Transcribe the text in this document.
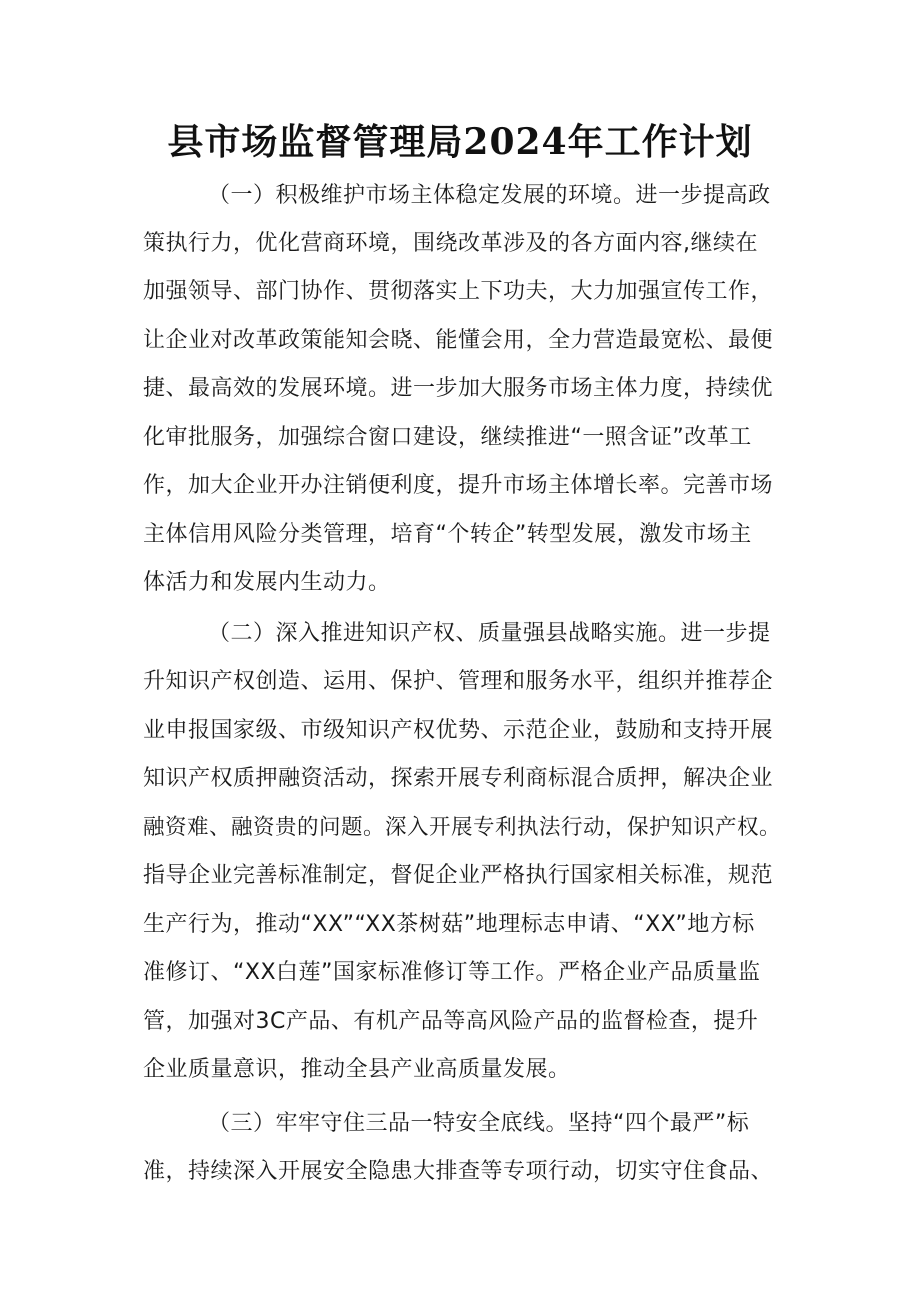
县市场监督管理局2024年工作计划
（一）积极维护市场主体稳定发展的环境。进一步提高政
策执行力，优化营商环境，围绕改革涉及的各方面内容,继续在
加强领导、部门协作、贯彻落实上下功夫，大力加强宣传工作，
让企业对改革政策能知会晓、能懂会用，全力营造最宽松、最便
捷、最高效的发展环境。进一步加大服务市场主体力度，持续优
化审批服务，加强综合窗口建设，继续推进“一照含证”改革工
作，加大企业开办注销便利度，提升市场主体增长率。完善市场
主体信用风险分类管理，培育“个转企”转型发展，激发市场主
体活力和发展内生动力。
（二）深入推进知识产权、质量强县战略实施。进一步提
升知识产权创造、运用、保护、管理和服务水平，组织并推荐企
业申报国家级、市级知识产权优势、示范企业，鼓励和支持开展
知识产权质押融资活动，探索开展专利商标混合质押，解决企业
融资难、融资贵的问题。深入开展专利执法行动，保护知识产权。
指导企业完善标准制定，督促企业严格执行国家相关标准，规范
生产行为，推动“XX”“XX茶树菇”地理标志申请、“XX”地方标
准修订、“XX白莲”国家标准修订等工作。严格企业产品质量监
管，加强对3C产品、有机产品等高风险产品的监督检查，提升
企业质量意识，推动全县产业高质量发展。
（三）牢牢守住三品一特安全底线。坚持“四个最严”标
准，持续深入开展安全隐患大排查等专项行动，切实守住食品、
